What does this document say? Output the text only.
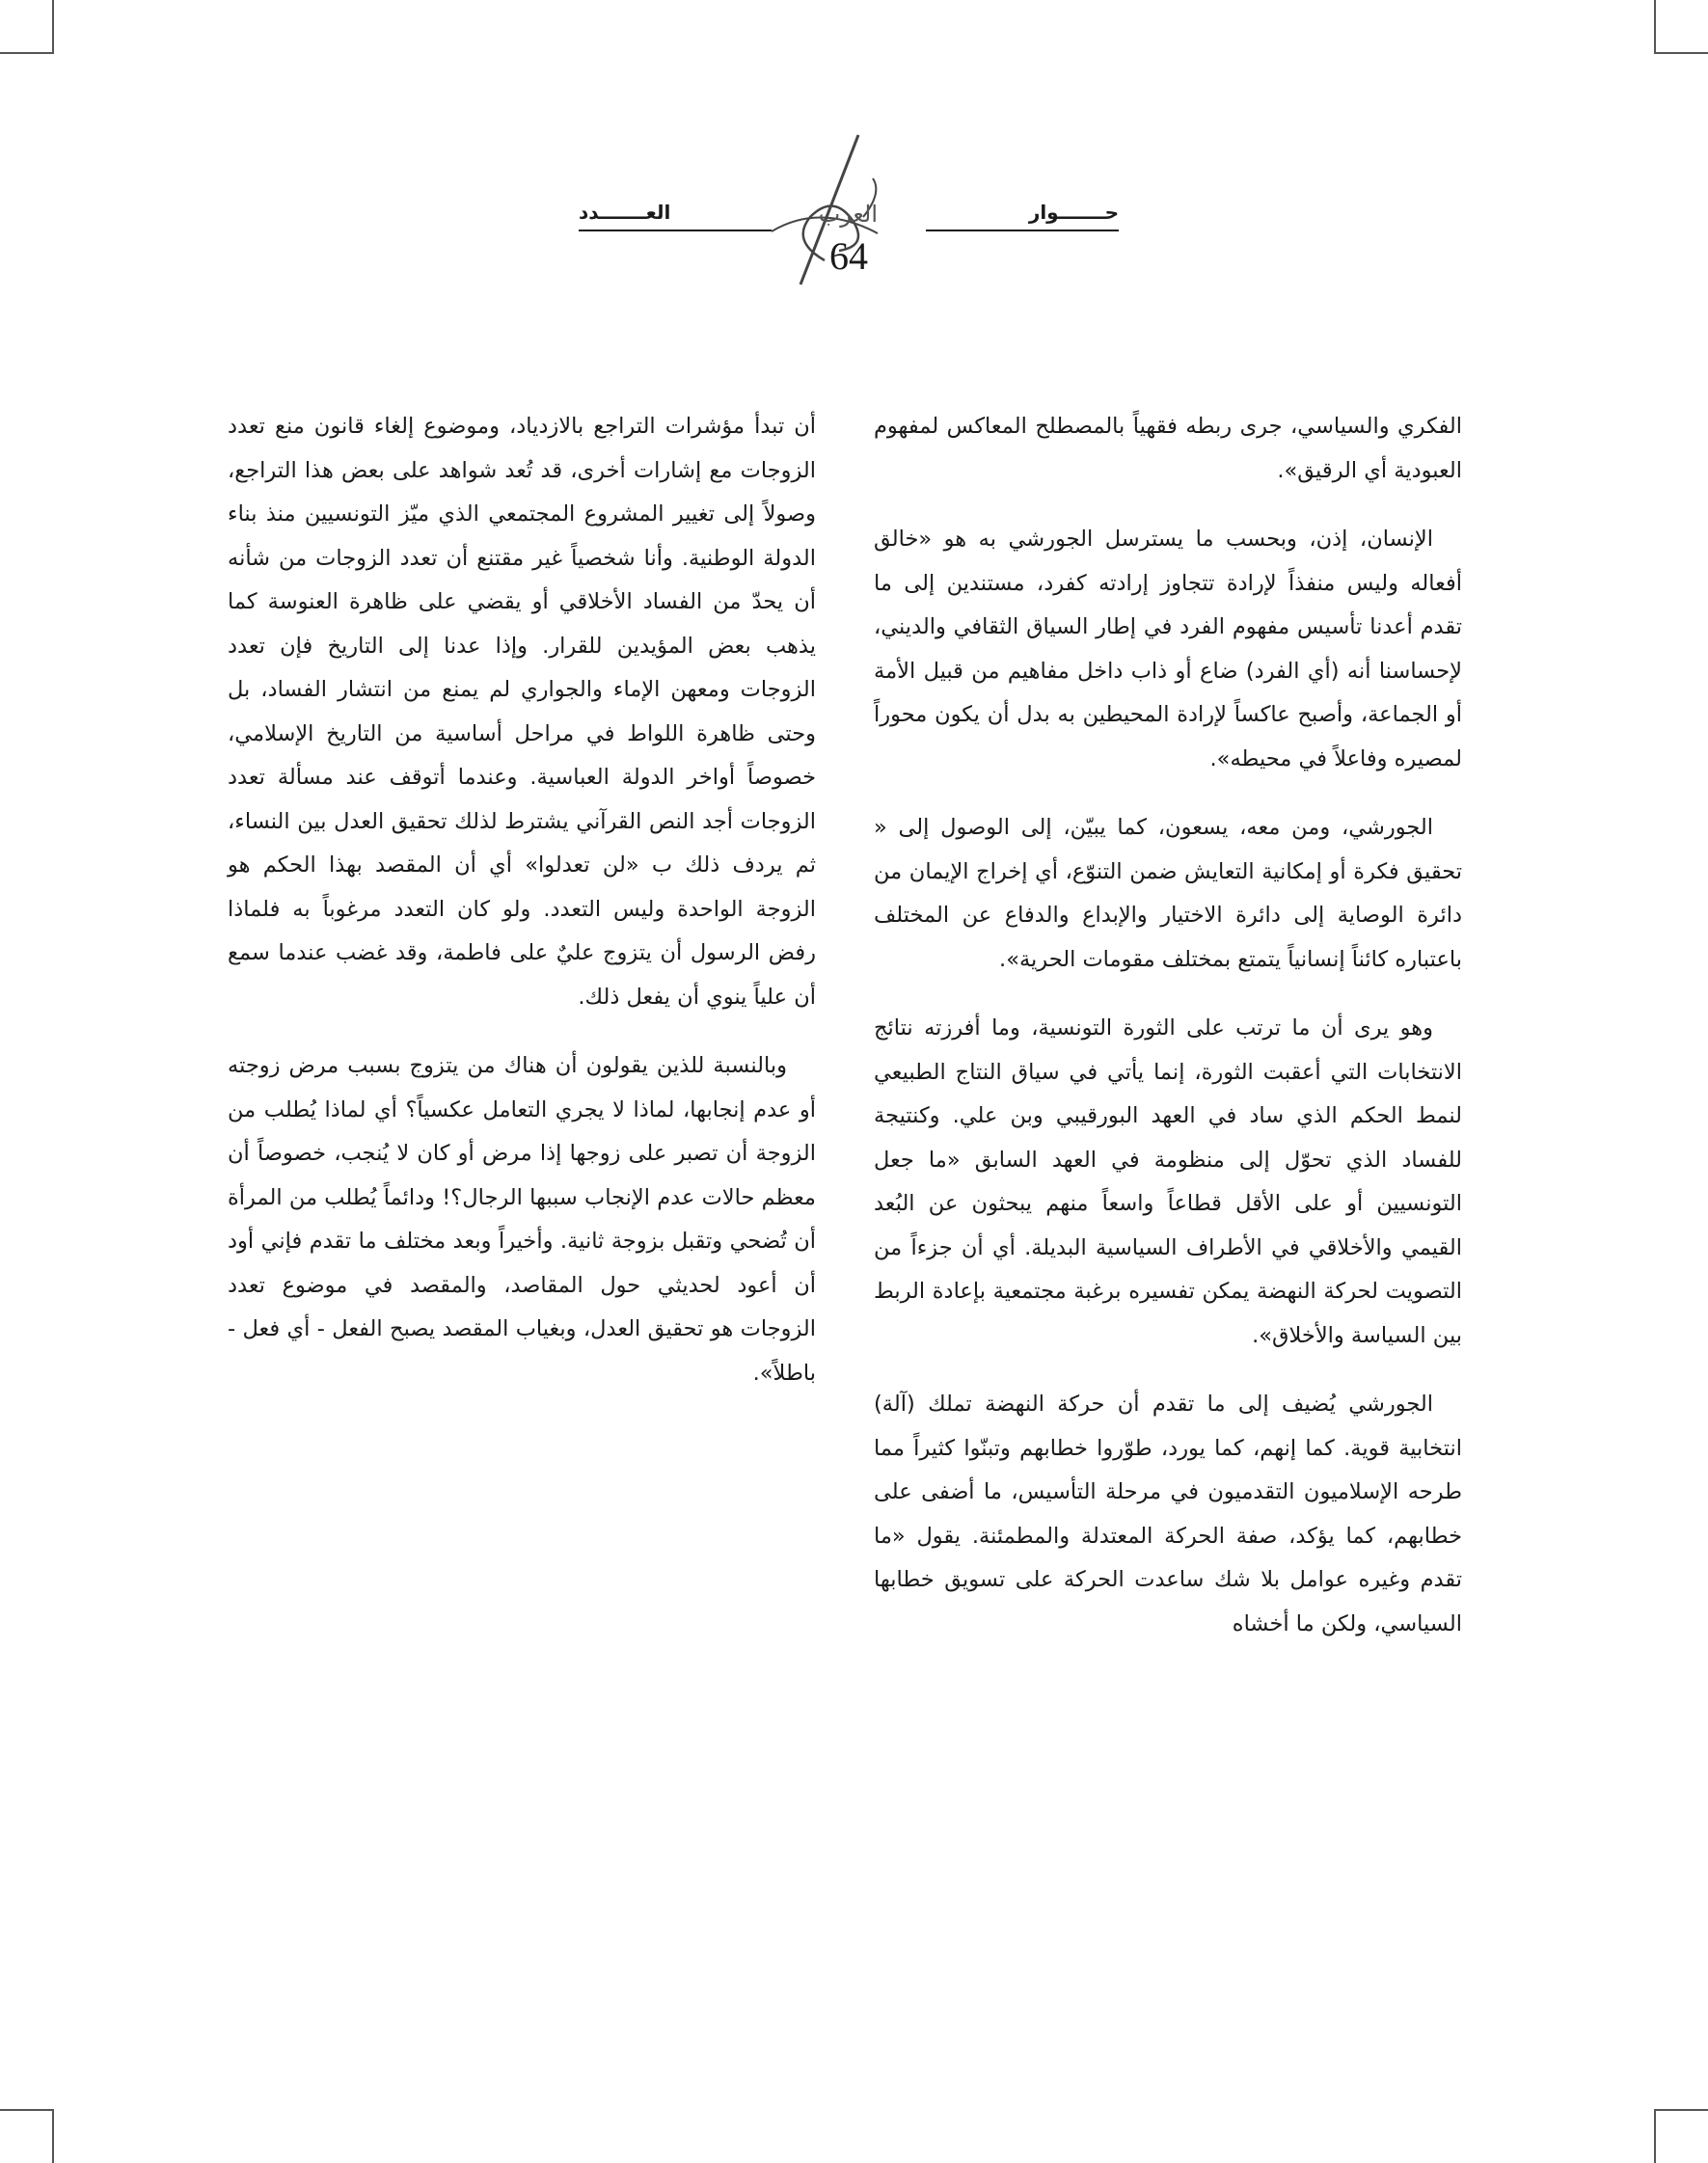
العرب	حـــــــوار
العـــــــدد
64

الفكري والسياسي، جرى ربطه فقهياً بالمصطلح المعاكس لمفهوم العبودية أي الرقيق».

الإنسان، إذن، وبحسب ما يسترسل الجورشي به هو «خالق أفعاله وليس منفذاً لإرادة تتجاوز إرادته كفرد، مستندين إلى ما تقدم أعدنا تأسيس مفهوم الفرد في إطار السياق الثقافي والديني، لإحساسنا أنه (أي الفرد) ضاع أو ذاب داخل مفاهيم من قبيل الأمة أو الجماعة، وأصبح عاكساً لإرادة المحيطين به بدل أن يكون محوراً لمصيره وفاعلاً في محيطه».

الجورشي، ومن معه، يسعون، كما يبيّن، إلى الوصول إلى « تحقيق فكرة أو إمكانية التعايش ضمن التنوّع، أي إخراج الإيمان من دائرة الوصاية إلى دائرة الاختيار والإبداع والدفاع عن المختلف باعتباره كائناً إنسانياً يتمتع بمختلف مقومات الحرية».

وهو يرى أن ما ترتب على الثورة التونسية، وما أفرزته نتائج الانتخابات التي أعقبت الثورة، إنما يأتي في سياق النتاج الطبيعي لنمط الحكم الذي ساد في العهد البورقيبي وبن علي. وكنتيجة للفساد الذي تحوّل إلى منظومة في العهد السابق «ما جعل التونسيين أو على الأقل قطاعاً واسعاً منهم يبحثون عن البُعد القيمي والأخلاقي في الأطراف السياسية البديلة. أي أن جزءاً من التصويت لحركة النهضة يمكن تفسيره برغبة مجتمعية بإعادة الربط بين السياسة والأخلاق».

الجورشي يُضيف إلى ما تقدم أن حركة النهضة تملك (آلة) انتخابية قوية. كما إنهم، كما يورد، طوّروا خطابهم وتبنّوا كثيراً مما طرحه الإسلاميون التقدميون في مرحلة التأسيس، ما أضفى على خطابهم، كما يؤكد، صفة الحركة المعتدلة والمطمئنة. يقول «ما تقدم وغيره عوامل بلا شك ساعدت الحركة على تسويق خطابها السياسي، ولكن ما أخشاه

أن تبدأ مؤشرات التراجع بالازدياد، وموضوع إلغاء قانون منع تعدد الزوجات مع إشارات أخرى، قد تُعد شواهد على بعض هذا التراجع، وصولاً إلى تغيير المشروع المجتمعي الذي ميّز التونسيين منذ بناء الدولة الوطنية. وأنا شخصياً غير مقتنع أن تعدد الزوجات من شأنه أن يحدّ من الفساد الأخلاقي أو يقضي على ظاهرة العنوسة كما يذهب بعض المؤيدين للقرار. وإذا عدنا إلى التاريخ فإن تعدد الزوجات ومعهن الإماء والجواري لم يمنع من انتشار الفساد، بل وحتى ظاهرة اللواط في مراحل أساسية من التاريخ الإسلامي، خصوصاً أواخر الدولة العباسية. وعندما أتوقف عند مسألة تعدد الزوجات أجد النص القرآني يشترط لذلك تحقيق العدل بين النساء، ثم يردف ذلك ب «لن تعدلوا» أي أن المقصد بهذا الحكم هو الزوجة الواحدة وليس التعدد. ولو كان التعدد مرغوباً به فلماذا رفض الرسول أن يتزوج عليٌ على فاطمة، وقد غضب عندما سمع أن علياً ينوي أن يفعل ذلك.

وبالنسبة للذين يقولون أن هناك من يتزوج بسبب مرض زوجته أو عدم إنجابها، لماذا لا يجري التعامل عكسياً؟ أي لماذا يُطلب من الزوجة أن تصبر على زوجها إذا مرض أو كان لا يُنجب، خصوصاً أن معظم حالات عدم الإنجاب سببها الرجال؟! ودائماً يُطلب من المرأة أن تُضحي وتقبل بزوجة ثانية. وأخيراً وبعد مختلف ما تقدم فإني أود أن أعود لحديثي حول المقاصد، والمقصد في موضوع تعدد الزوجات هو تحقيق العدل، وبغياب المقصد يصبح الفعل - أي فعل - باطلاً».
